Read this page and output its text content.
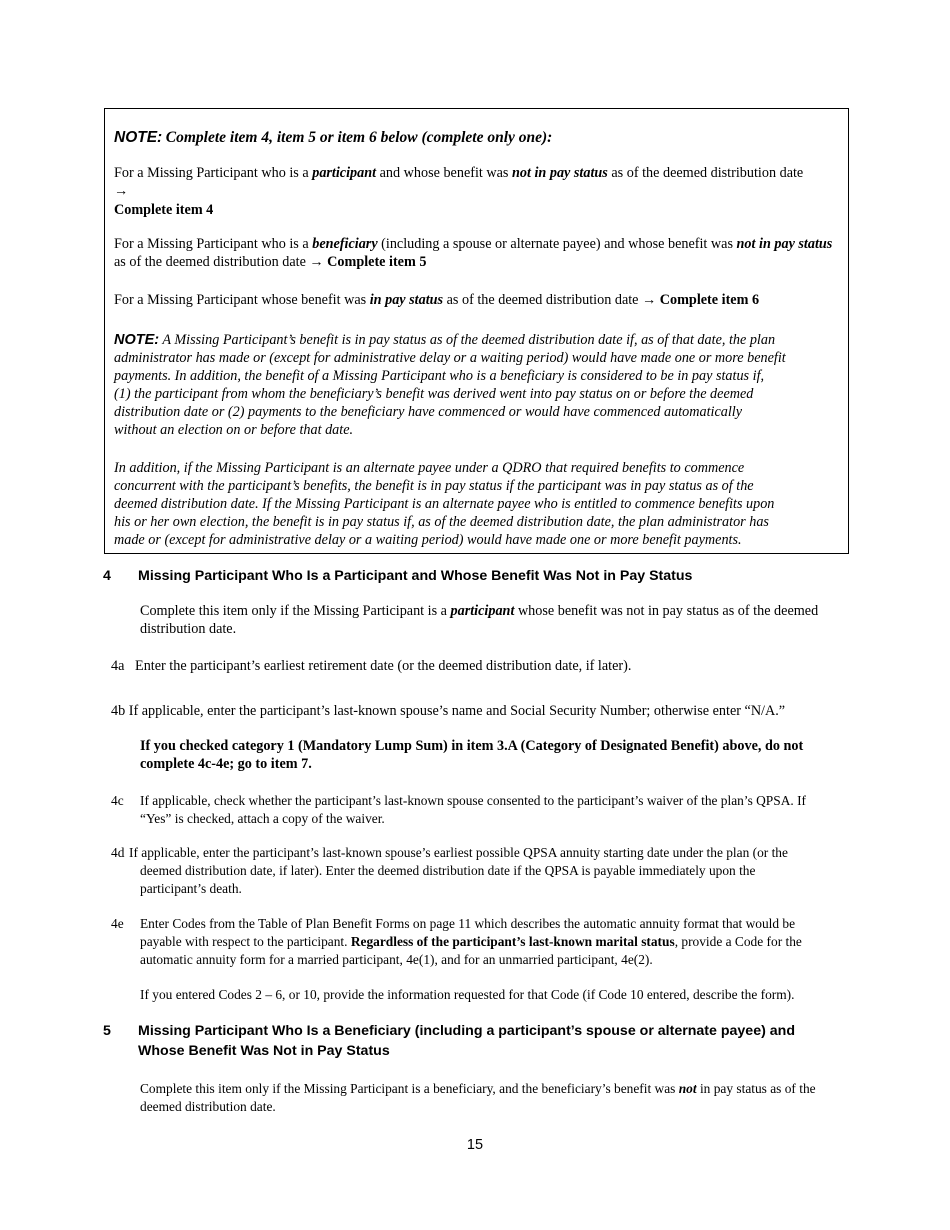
NOTE: Complete item 4, item 5 or item 6 below (complete only one):

For a Missing Participant who is a participant and whose benefit was not in pay status as of the deemed distribution date

→

Complete item 4

For a Missing Participant who is a beneficiary (including a spouse or alternate payee) and whose benefit was not in pay status as of the deemed distribution date → Complete item 5

For a Missing Participant whose benefit was in pay status as of the deemed distribution date → Complete item 6

NOTE: A Missing Participant’s benefit is in pay status as of the deemed distribution date if, as of that date, the plan
administrator has made or (except for administrative delay or a waiting period) would have made one or more benefit
payments. In addition, the benefit of a Missing Participant who is a beneficiary is considered to be in pay status if,
(1) the participant from whom the beneficiary’s benefit was derived went into pay status on or before the deemed
distribution date or (2) payments to the beneficiary have commenced or would have commenced automatically
without an election on or before that date.
In addition, if the Missing Participant is an alternate payee under a QDRO that required benefits to commence
concurrent with the participant’s benefits, the benefit is in pay status if the participant was in pay status as of the
deemed distribution date. If the Missing Participant is an alternate payee who is entitled to commence benefits upon
his or her own election, the benefit is in pay status if, as of the deemed distribution date, the plan administrator has
made or (except for administrative delay or a waiting period) would have made one or more benefit payments.
4 Missing Participant Who Is a Participant and Whose Benefit Was Not in Pay Status
Complete this item only if the Missing Participant is a participant whose benefit was not in pay status as of the deemed
distribution date.
4a   Enter the participant’s earliest retirement date (or the deemed distribution date, if later).
4b If applicable, enter the participant’s last-known spouse’s name and Social Security Number; otherwise enter “N/A.”
If you checked category 1 (Mandatory Lump Sum) in item 3.A (Category of Designated Benefit) above, do not
complete 4c-4e; go to item 7.
4c If applicable, check whether the participant’s last-known spouse consented to the participant’s waiver of the plan’s QPSA. If
“Yes” is checked, attach a copy of the waiver.
4d If applicable, enter the participant’s last-known spouse’s earliest possible QPSA annuity starting date under the plan (or the
deemed distribution date, if later). Enter the deemed distribution date if the QPSA is payable immediately upon the
participant’s death.
4e Enter Codes from the Table of Plan Benefit Forms on page 11 which describes the automatic annuity format that would be
payable with respect to the participant. Regardless of the participant’s last-known marital status, provide a Code for the
automatic annuity form for a married participant, 4e(1), and for an unmarried participant, 4e(2).
If you entered Codes 2 – 6, or 10, provide the information requested for that Code (if Code 10 entered, describe the form).
5 Missing Participant Who Is a Beneficiary (including a participant’s spouse or alternate payee) and
Whose Benefit Was Not in Pay Status
Complete this item only if the Missing Participant is a beneficiary, and the beneficiary’s benefit was not in pay status as of the
deemed distribution date.
15
